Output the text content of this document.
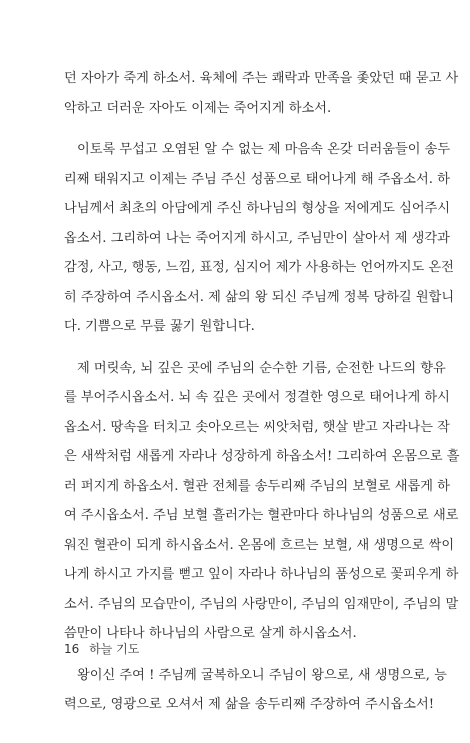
던 자아가 죽게 하소서. 육체에 주는 쾌락과 만족을 좇았던 때 묻고 사
악하고 더러운 자아도 이제는 죽어지게 하소서.

이토록 무섭고 오염된 알 수 없는 제 마음속 온갖 더러움들이 송두
리째 태워지고 이제는 주님 주신 성품으로 태어나게 해 주옵소서. 하
나님께서 최초의 아담에게 주신 하나님의 형상을 저에게도 심어주시
옵소서. 그리하여 나는 죽어지게 하시고, 주님만이 살아서 제 생각과
감정, 사고, 행동, 느낌, 표정, 심지어 제가 사용하는 언어까지도 온전
히 주장하여 주시옵소서. 제 삶의 왕 되신 주님께 정복 당하길 원합니
다. 기쁨으로 무릎 꿇기 원합니다.

제 머릿속, 뇌 깊은 곳에 주님의 순수한 기름, 순전한 나드의 향유
를 부어주시옵소서. 뇌 속 깊은 곳에서 정결한 영으로 태어나게 하시
옵소서. 땅속을 터치고 솟아오르는 씨앗처럼, 햇살 받고 자라나는 작
은 새싹처럼 새롭게 자라나 성장하게 하옵소서! 그리하여 온몸으로 흘
러 퍼지게 하옵소서. 혈관 전체를 송두리째 주님의 보혈로 새롭게 하
여 주시옵소서. 주님 보혈 흘러가는 혈관마다 하나님의 성품으로 새로
워진 혈관이 되게 하시옵소서. 온몸에 흐르는 보혈, 새 생명으로 싹이
나게 하시고 가지를 뻗고 잎이 자라나 하나님의 품성으로 꽃피우게 하
소서. 주님의 모습만이, 주님의 사랑만이, 주님의 임재만이, 주님의 말
씀만이 나타나 하나님의 사람으로 살게 하시옵소서.

왕이신 주여 ! 주님께 굴복하오니 주님이 왕으로, 새 생명으로, 능
력으로, 영광으로 오셔서 제 삶을 송두리째 주장하여 주시옵소서!

16 하늘 기도
